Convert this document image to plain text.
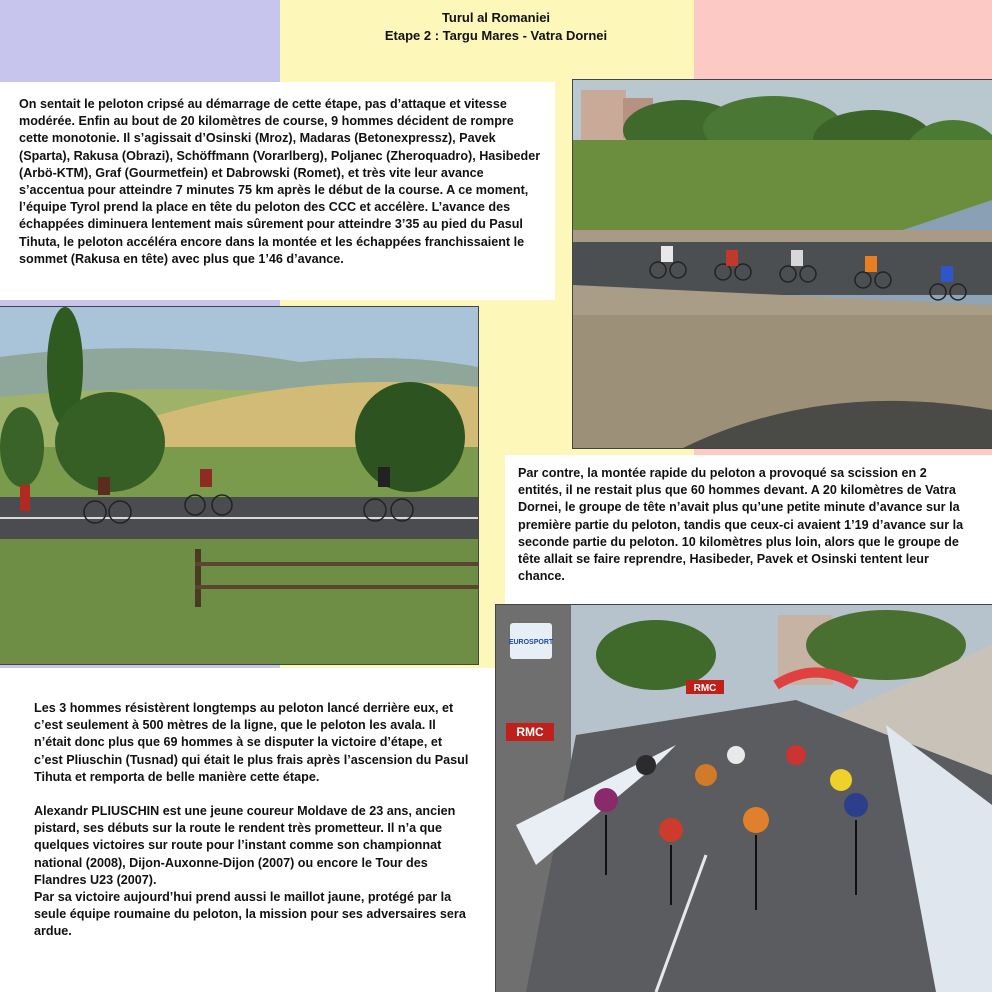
Turul al Romaniei
Etape 2 : Targu Mares - Vatra Dornei
On sentait le peloton cripsé au démarrage de cette étape, pas d’attaque et vitesse modérée. Enfin au bout de 20 kilomètres de course, 9 hommes décident de rompre cette monotonie. Il s’agissait d’Osinski (Mroz), Madaras (Betonexpressz), Pavek (Sparta), Rakusa (Obrazi), Schöffmann (Vorarlberg), Poljanec (Zheroquadro), Hasibeder (Arbö-KTM), Graf (Gourmetfein) et Dabrowski (Romet), et très vite leur avance s’accentua pour atteindre 7 minutes 75 km après le début de la course. A ce moment, l’équipe Tyrol prend la place en tête du peloton des CCC et accélère. L’avance des échappées diminuera lentement mais sûrement pour atteindre 3’35 au pied du Pasul Tihuta, le peloton accéléra encore dans la montée et les échappées franchissaient le sommet (Rakusa en tête) avec plus que 1’46 d’avance.
Par contre, la montée rapide du peloton a provoqué sa scission en 2 entités, il ne restait plus que 60 hommes devant. A 20 kilomètres de Vatra Dornei, le groupe de tête n’avait plus qu’une petite minute d’avance sur la première partie du peloton, tandis que ceux-ci avaient 1’19 d’avance sur la seconde partie du peloton. 10 kilomètres plus loin, alors que le groupe de tête allait se faire reprendre, Hasibeder, Pavek et Osinski tentent leur chance.

Les 3 hommes résistèrent longtemps au peloton lancé derrière eux, et c’est seulement à 500 mètres de la ligne, que le peloton les avala. Il n’était donc plus que 69 hommes à se disputer la victoire d’étape, et c’est Pliuschin (Tusnad) qui était le plus frais après l’ascension du Pasul Tihuta et remporta de belle manière cette étape.

Alexandr PLIUSCHIN est une jeune coureur Moldave de 23 ans, ancien pistard, ses débuts sur la route le rendent très prometteur. Il n’a que quelques victoires sur route pour l’instant comme son championnat national (2008), Dijon-Auxonne-Dijon (2007) ou encore le Tour des Flandres U23 (2007).

Par sa victoire aujourd’hui prend aussi le maillot jaune, protégé par la seule équipe roumaine du peloton, la mission pour ses adversaires sera ardue.
EUROSPORT
RMC
RMC
